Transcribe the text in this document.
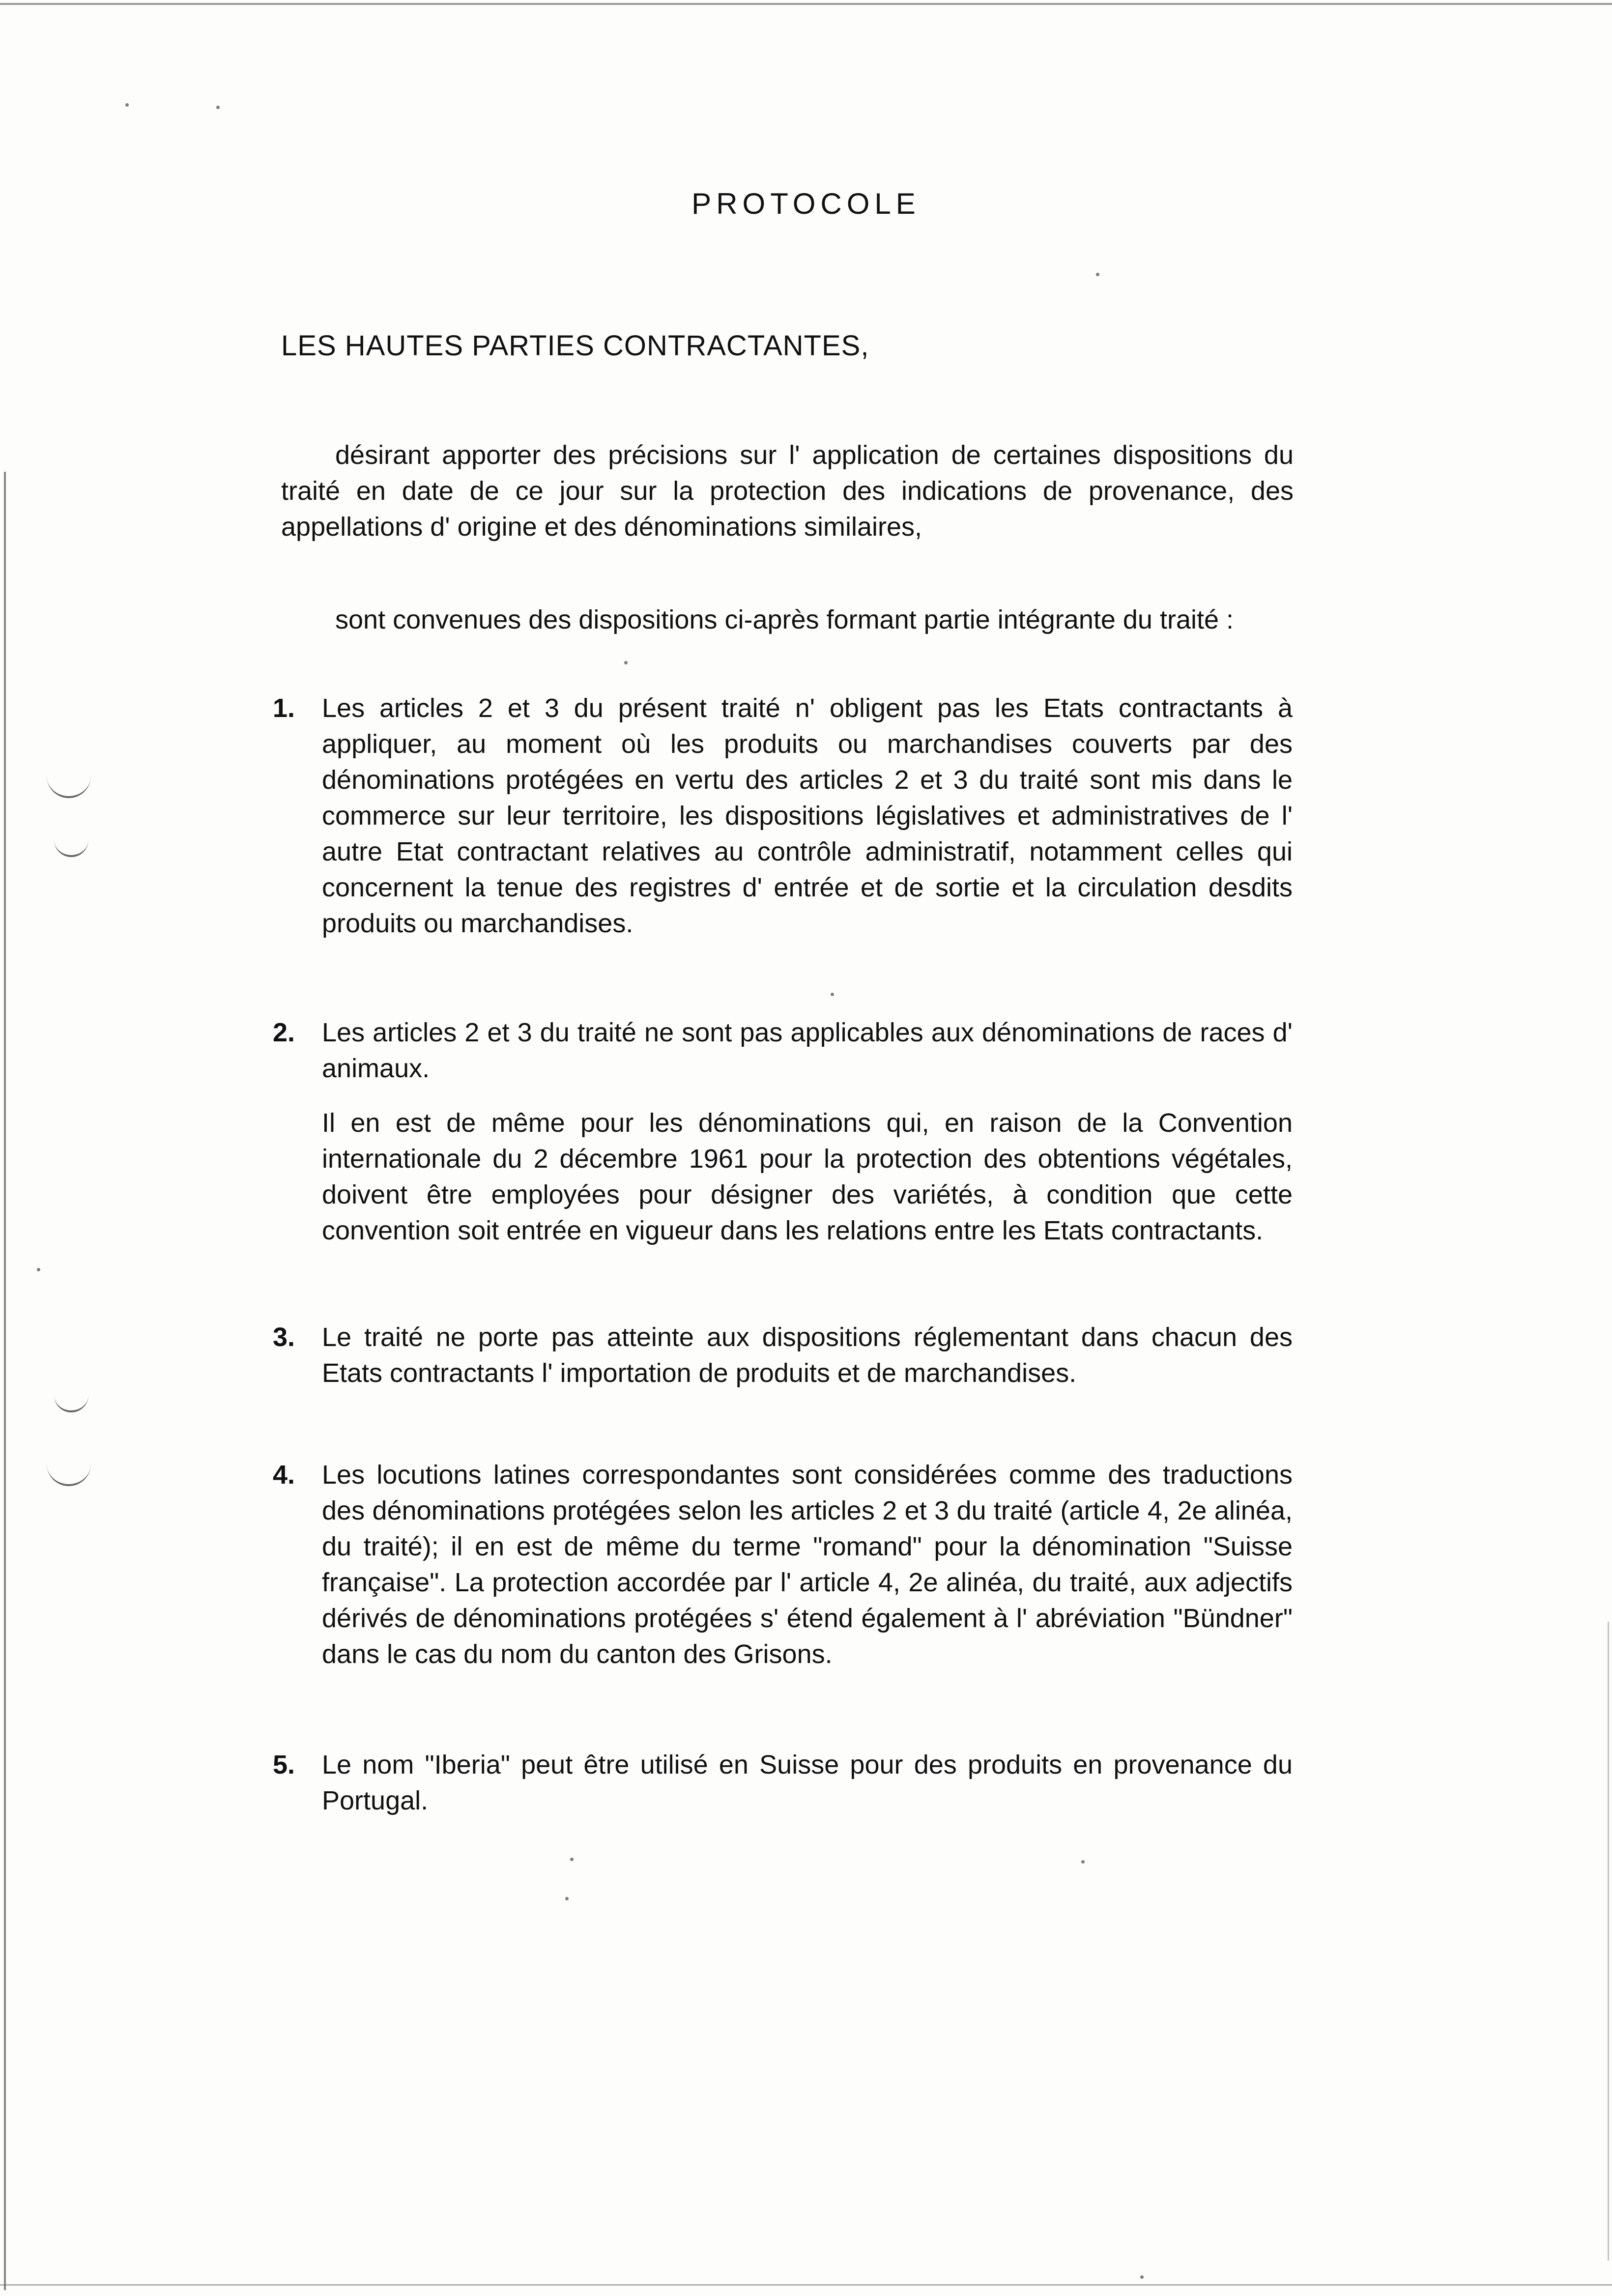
PROTOCOLE
LES HAUTES PARTIES CONTRACTANTES,

désirant apporter des précisions sur l' application de certaines dispositions du traité en date de ce jour sur la protection des indications de provenance, des appellations d' origine et des dénominations similaires,

sont convenues des dispositions ci-après formant partie intégrante du traité :

1.	Les articles 2 et 3 du présent traité n' obligent pas les Etats contractants à appliquer, au moment où les produits ou marchandises couverts par des dénominations protégées en vertu des articles 2 et 3 du traité sont mis dans le commerce sur leur territoire, les dispositions législatives et administratives de l' autre Etat contractant relatives au contrôle administratif, notamment celles qui concernent la tenue des registres d' entrée et de sortie et la circulation desdits produits ou marchandises.

2.	Les articles 2 et 3 du traité ne sont pas applicables aux dénominations de races d' animaux.

Il en est de même pour les dénominations qui, en raison de la Convention internationale du 2 décembre 1961 pour la protection des obtentions végétales, doivent être employées pour désigner des variétés, à condition que cette convention soit entrée en vigueur dans les relations entre les Etats contractants.

3.	Le traité ne porte pas atteinte aux dispositions réglementant dans chacun des Etats contractants l' importation de produits et de marchandises.

4.	Les locutions latines correspondantes sont considérées comme des traductions des dénominations protégées selon les articles 2 et 3 du traité (article 4, 2e alinéa, du traité); il en est de même du terme "romand" pour la dénomination "Suisse française". La protection accordée par l' article 4, 2e alinéa, du traité, aux adjectifs dérivés de dénominations protégées s' étend également à l' abréviation "Bündner" dans le cas du nom du canton des Grisons.

5.	Le nom "Iberia" peut être utilisé en Suisse pour des produits en provenance du Portugal.
